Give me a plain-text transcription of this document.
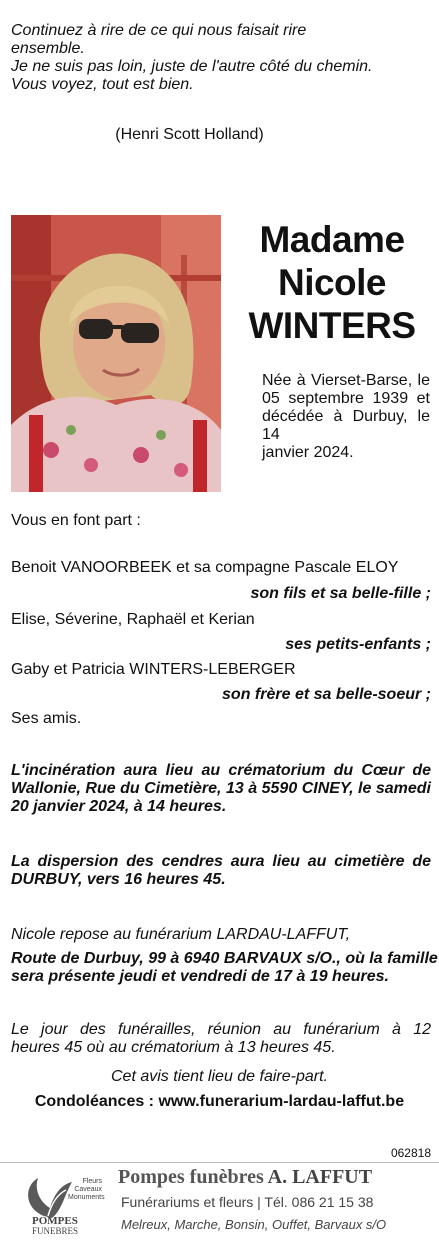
Continuez à rire de ce qui nous faisait rire
ensemble.
Je ne suis pas loin, juste de l'autre côté du chemin.
Vous voyez, tout est bien.
(Henri Scott Holland)
Madame
Nicole
WINTERS
Née à Vierset-Barse, le
05 septembre 1939 et
décédée à Durbuy, le 14
janvier 2024.
Vous en font part :
Benoit VANOORBEEK et sa compagne Pascale ELOY
son fils et sa belle-fille ;
Elise, Séverine, Raphaël et Kerian
ses petits-enfants ;
Gaby et Patricia WINTERS-LEBERGER
son frère et sa belle-soeur ;
Ses amis.
L'incinération aura lieu au crématorium du Cœur de
Wallonie, Rue du Cimetière, 13 à 5590 CINEY, le samedi
20 janvier 2024, à 14 heures.
La dispersion des cendres aura lieu au cimetière de
DURBUY, vers 16 heures 45.
Nicole repose au funérarium LARDAU-LAFFUT,
Route de Durbuy, 99 à 6940 BARVAUX s/O., où la famille
sera présente jeudi et vendredi de 17 à 19 heures.
Le jour des funérailles, réunion au funérarium à 12
heures 45 où au crématorium à 13 heures 45.
Cet avis tient lieu de faire-part.
Condoléances : www.funerarium-lardau-laffut.be
062818
Fleurs
Caveaux
Monuments
POMPES
FUNEBRES
Pompes funèbres A. LAFFUT
Funérariums et fleurs | Tél. 086 21 15 38
Melreux, Marche, Bonsin, Ouffet, Barvaux s/O
